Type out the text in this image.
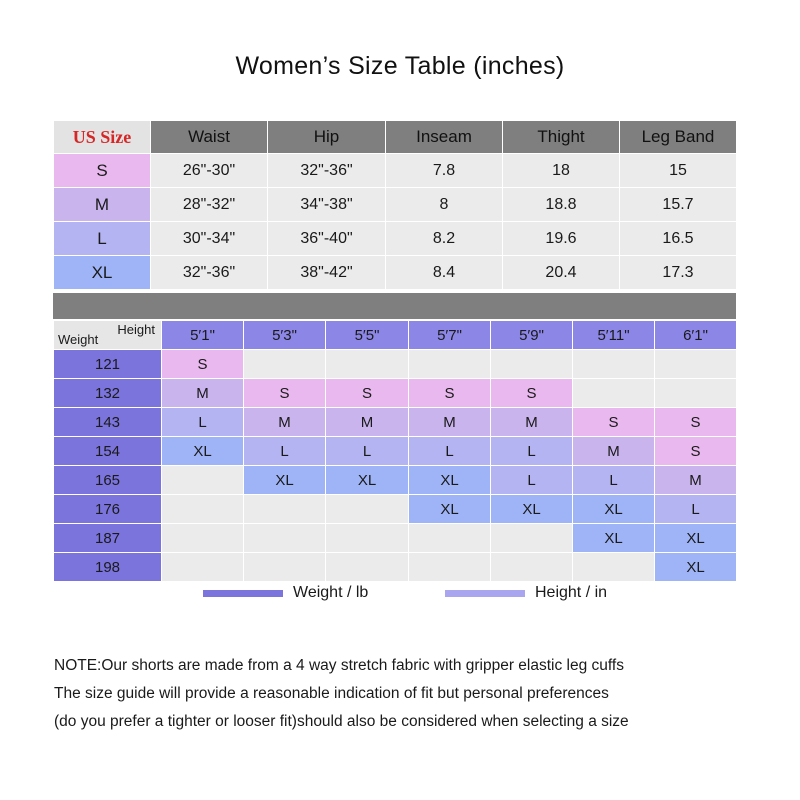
Women’s Size Table (inches)
US Size	Waist	Hip	Inseam	Thight	Leg Band
S	26"-30"	32"-36"	7.8	18	15
M	28"-32"	34"-38"	8	18.8	15.7
L	30"-34"	36"-40"	8.2	19.6	16.5
XL	32"-36"	38"-42"	8.4	20.4	17.3
Height
Weight	5′1"	5′3"	5′5"	5′7"	5′9"	5′11"	6′1"
121	S						
132	M	S	S	S	S		
143	L	M	M	M	M	S	S
154	XL	L	L	L	L	M	S
165		XL	XL	XL	L	L	M
176				XL	XL	XL	L
187						XL	XL
198							XL
Weight / lb	Height / in
NOTE:Our shorts are made from a 4 way stretch fabric with gripper elastic leg cuffs
The size guide will provide a reasonable indication of fit but personal preferences
(do you prefer a tighter or looser fit)should also be considered when selecting a size
